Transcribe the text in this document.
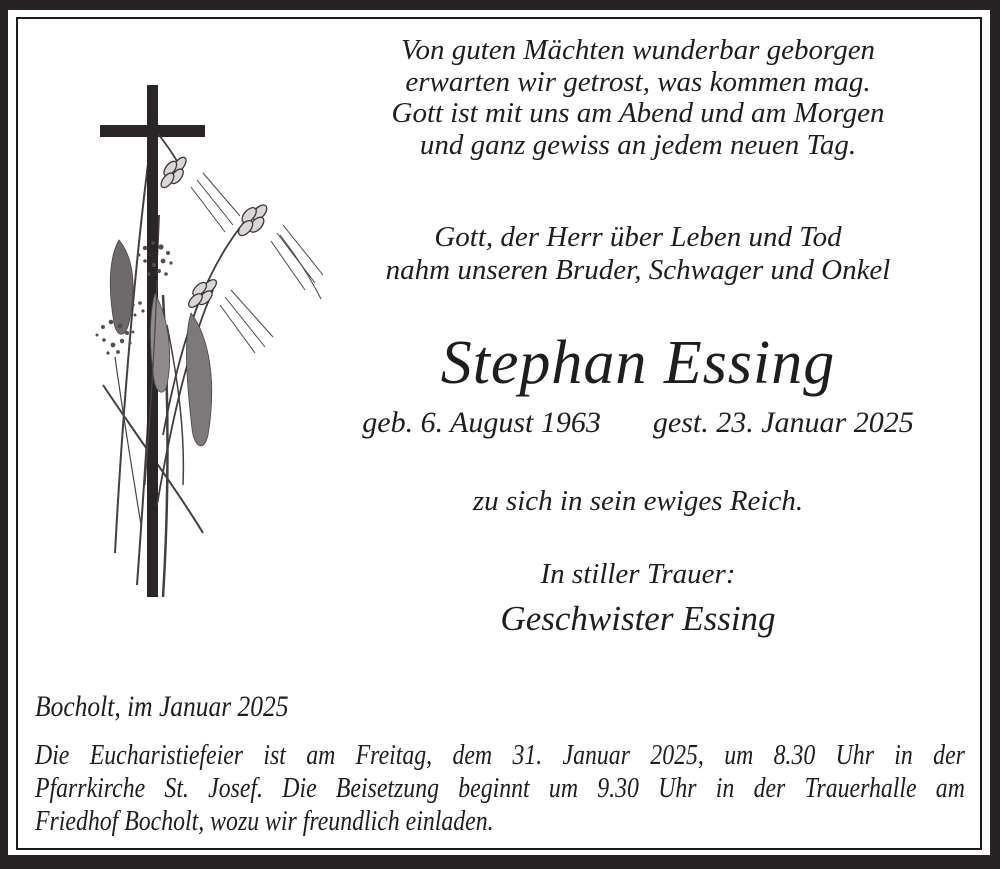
Von guten Mächten wunderbar geborgen
erwarten wir getrost, was kommen mag.
Gott ist mit uns am Abend und am Morgen
und ganz gewiss an jedem neuen Tag.
Gott, der Herr über Leben und Tod
nahm unseren Bruder, Schwager und Onkel
Stephan Essing
geb. 6. August 1963 gest. 23. Januar 2025
zu sich in sein ewiges Reich.
In stiller Trauer:
Geschwister Essing
Bocholt, im Januar 2025
Die Eucharistiefeier ist am Freitag, dem 31. Januar 2025, um 8.30 Uhr in der
Pfarrkirche St. Josef. Die Beisetzung beginnt um 9.30 Uhr in der Trauerhalle am
Friedhof Bocholt, wozu wir freundlich einladen.
